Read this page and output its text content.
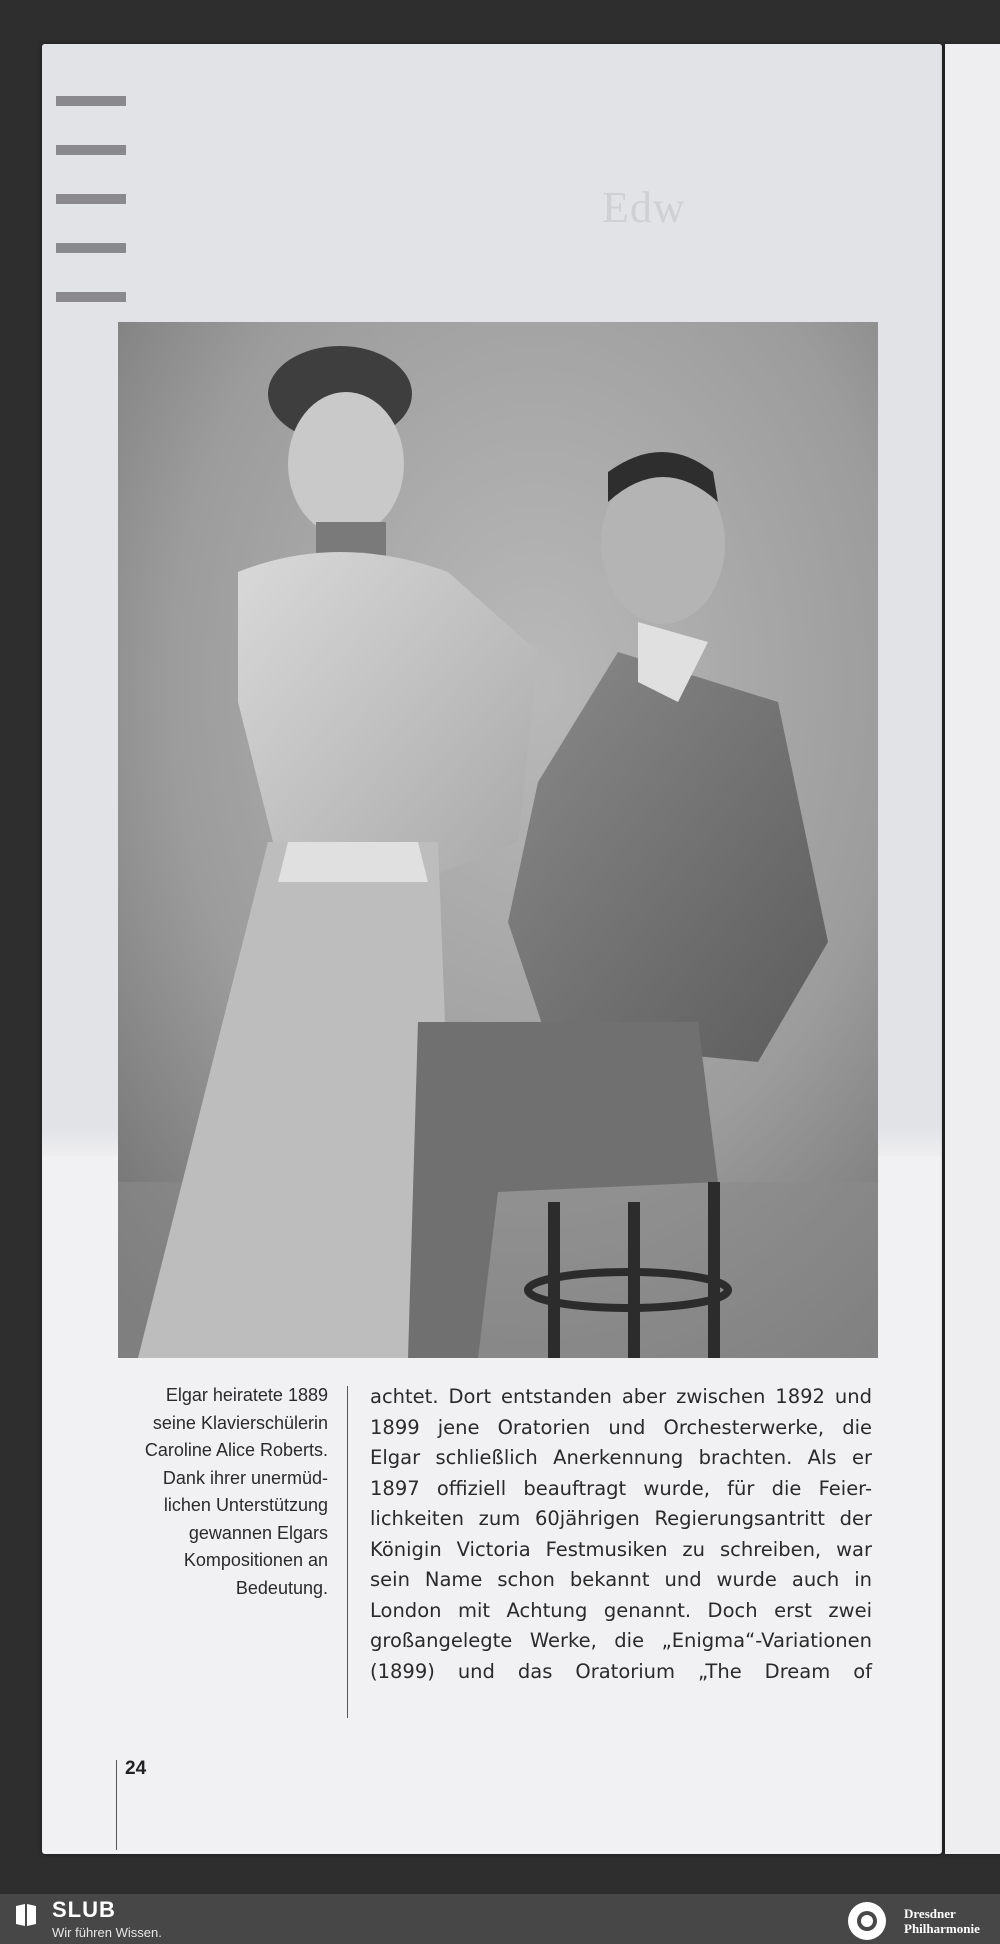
Edw
Elgar heiratete 1889
seine Klavierschülerin
Caroline Alice Roberts.
Dank ihrer unermüd-
lichen Unterstützung
gewannen Elgars
Kompositionen an
Bedeutung.
achtet. Dort entstanden aber zwischen 1892 und
1899 jene Oratorien und Orchesterwerke, die
Elgar schließlich Anerkennung brachten. Als er
1897 offiziell beauftragt wurde, für die Feier-
lichkeiten zum 60jährigen Regierungsantritt der
Königin Victoria Festmusiken zu schreiben, war
sein Name schon bekannt und wurde auch in
London mit Achtung genannt. Doch erst zwei
großangelegte Werke, die „Enigma“-Variationen
(1899) und das Oratorium „The Dream of
24
SLUB
Wir führen Wissen.
Dresdner
Philharmonie
